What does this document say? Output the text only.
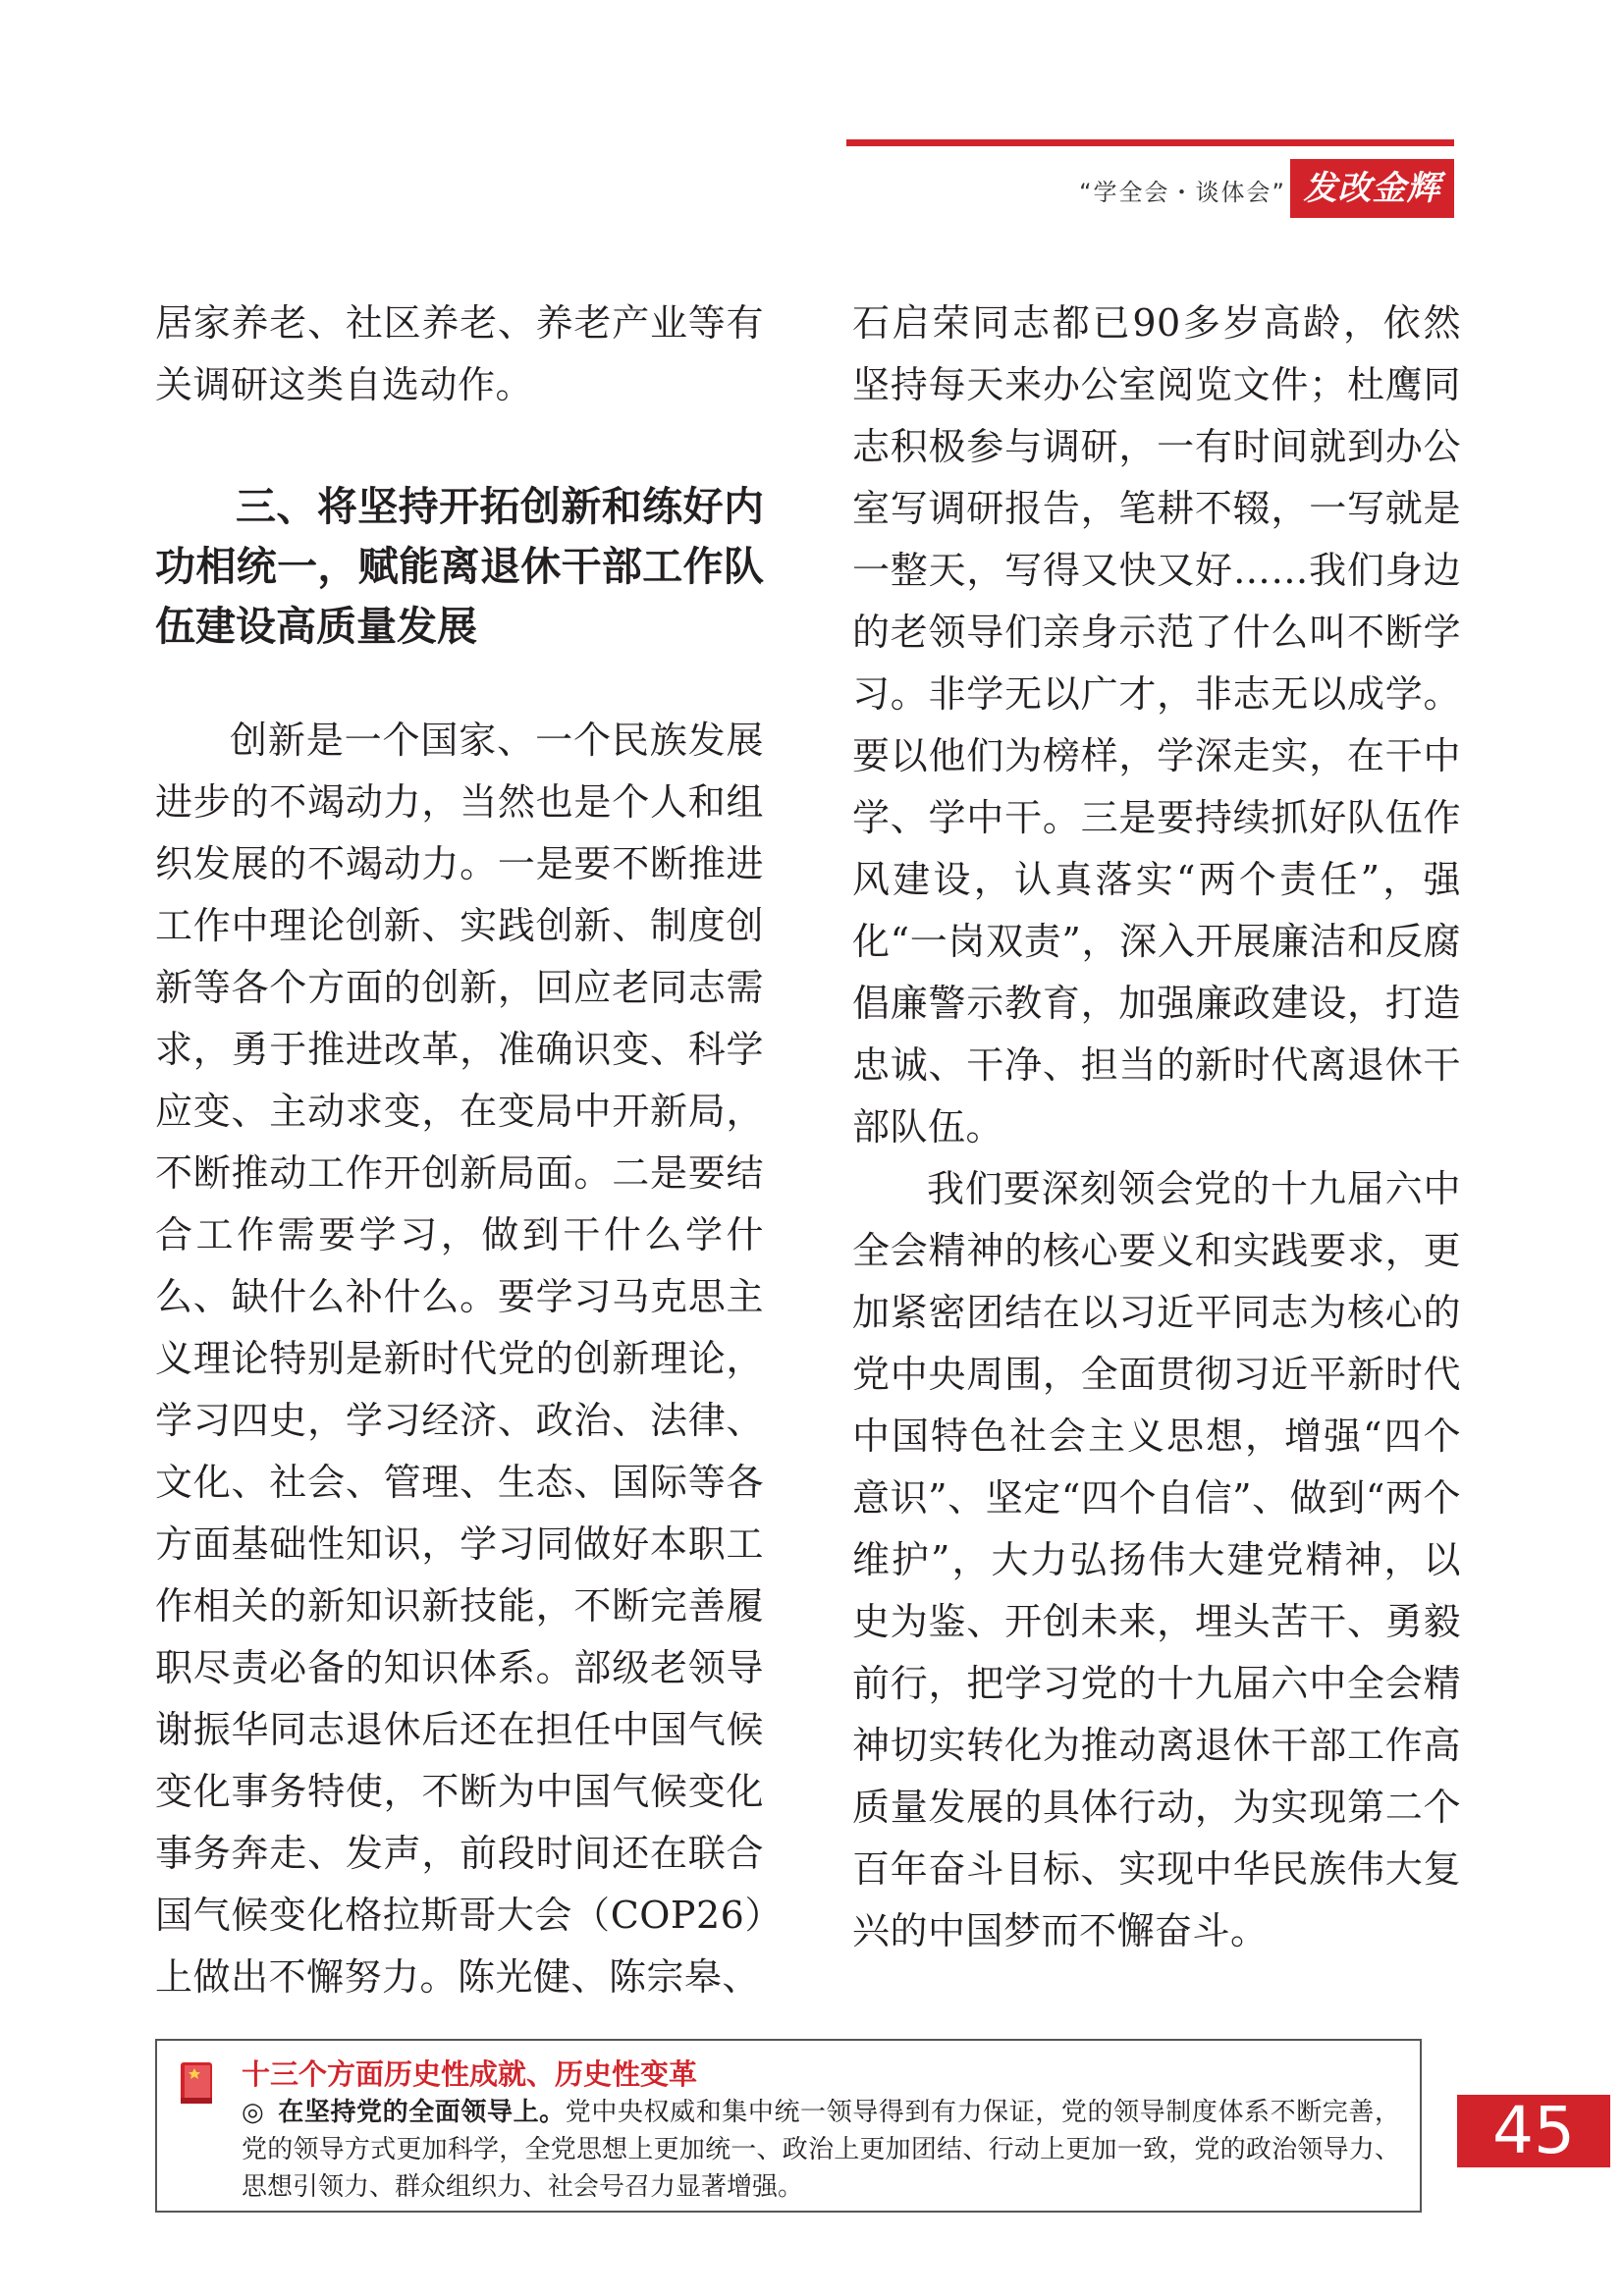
“学全会・谈体会” 发改金辉

居家养老、社区养老、养老产业等有关调研这类自选动作。

三、将坚持开拓创新和练好内功相统一，赋能离退休干部工作队伍建设高质量发展

创新是一个国家、一个民族发展进步的不竭动力，当然也是个人和组织发展的不竭动力。一是要不断推进工作中理论创新、实践创新、制度创新等各个方面的创新，回应老同志需求，勇于推进改革，准确识变、科学应变、主动求变，在变局中开新局，不断推动工作开创新局面。二是要结合工作需要学习，做到干什么学什么、缺什么补什么。要学习马克思主义理论特别是新时代党的创新理论，学习四史，学习经济、政治、法律、文化、社会、管理、生态、国际等各方面基础性知识，学习同做好本职工作相关的新知识新技能，不断完善履职尽责必备的知识体系。部级老领导谢振华同志退休后还在担任中国气候变化事务特使，不断为中国气候变化事务奔走、发声，前段时间还在联合国气候变化格拉斯哥大会（COP26）上做出不懈努力。陈光健、陈宗皋、

石启荣同志都已90多岁高龄，依然坚持每天来办公室阅览文件；杜鹰同志积极参与调研，一有时间就到办公室写调研报告，笔耕不辍，一写就是一整天，写得又快又好……我们身边的老领导们亲身示范了什么叫不断学习。非学无以广才，非志无以成学。要以他们为榜样，学深走实，在干中学、学中干。三是要持续抓好队伍作风建设，认真落实“两个责任”，强化“一岗双责”，深入开展廉洁和反腐倡廉警示教育，加强廉政建设，打造忠诚、干净、担当的新时代离退休干部队伍。

我们要深刻领会党的十九届六中全会精神的核心要义和实践要求，更加紧密团结在以习近平同志为核心的党中央周围，全面贯彻习近平新时代中国特色社会主义思想，增强“四个意识”、坚定“四个自信”、做到“两个维护”，大力弘扬伟大建党精神，以史为鉴、开创未来，埋头苦干、勇毅前行，把学习党的十九届六中全会精神切实转化为推动离退休干部工作高质量发展的具体行动，为实现第二个百年奋斗目标、实现中华民族伟大复兴的中国梦而不懈奋斗。

十三个方面历史性成就、历史性变革
◎ 在坚持党的全面领导上。党中央权威和集中统一领导得到有力保证，党的领导制度体系不断完善，党的领导方式更加科学，全党思想上更加统一、政治上更加团结、行动上更加一致，党的政治领导力、思想引领力、群众组织力、社会号召力显著增强。
45
